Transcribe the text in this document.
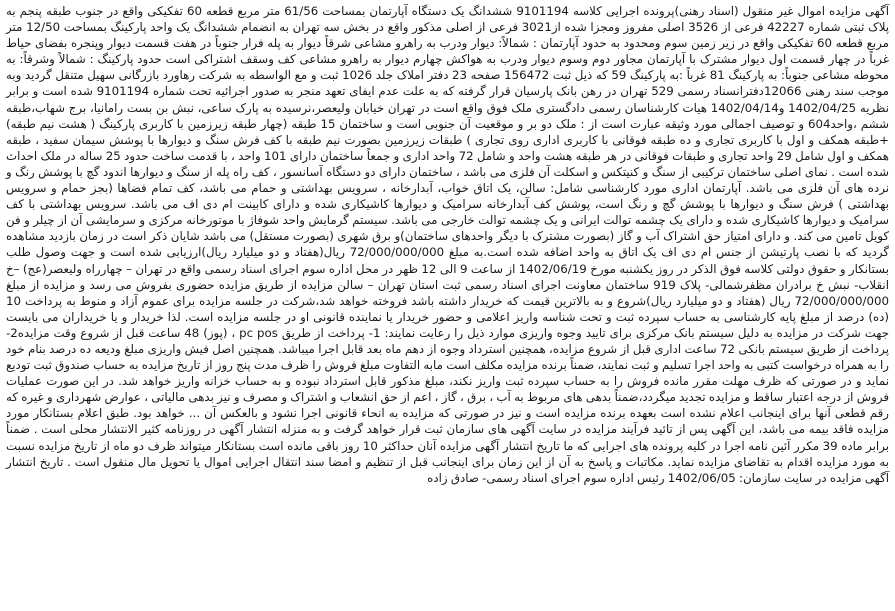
آگهی مزایده اموال غیر منقول (اسناد رهنی)پرونده اجرایی کلاسه 9101194 ششدانگ یک دستگاه آپارتمان بمساحت 61/56 متر مربع قطعه 60 تفکیکی واقع در جنوب طبقه پنجم به پلاک ثبتی شماره 42227 فرعی از 3526 اصلی مفروز ومجزا شده از3021 فرعی از اصلی مذکور واقع در بخش سه تهران به انضمام ششدانگ یک واحد پارکینگ بمساحت 12/50 متر مربع قطعه 60 تفکیکی واقع در زیر زمین سوم ومحدود به حدود آپارتمان : شمالاً: دیوار ودرب به راهرو مشاعی شرقاً دیوار به پله فرار جنوباً در هفت قسمت دیوار وپنجره بفضای حیاط غرباً در چهار قسمت اول دیوار مشترک با آپارتمان مجاور دوم وسوم دیوار ودرب به هواکش چهارم دیوار به راهرو مشاعی کف وسقف اشتراکی است حدود پارکینگ : شمالاً وشرقاً: به محوطه مشاعی جنوباً: به پارکینگ 81 غرباً :به پارکینگ 59 که ذیل ثبت 156472 صفحه 23 دفتر املاک جلد 1026 ثبت و مع الواسطه به شرکت رهاورد بازرگانی سهیل متنقل گردید وبه موجب سند رهنی 12066دفترانسناد رسمی 529 تهران در رهن بانک پارسیان قرار گرفته که به علت عدم ایفای تعهد منجر به صدور اجرائیه تحت شماره 9101194 شده است و برابر نظریه 1402/04/25 و1402/04/14 هیات کارشناسان رسمی دادگستری ملک فوق واقع است در تهران خیابان ولیعصر،نرسیده به پارک ساعی، نبش بن بست رامانیا، برج شهاب،طبقه ششم ،واحد604 و توصیف اجمالی مورد وثیقه عبارت است از : ملک دو بر و موقعیت آن جنوبی است و ساختمان 15 طبقه (چهار طبقه زیرزمین با کاربری پارکینگ ( هشت نیم طبقه) +طبقه همکف و اول با کاربری تجاری و ده طبقه فوقانی با کاربری اداری روی تجاری ) طبقات زیرزمین بصورت نیم طبقه با کف فرش سنگ و دیوارها با پوشش سیمان سفید ، طبقه همکف و اول شامل 29 واحد تجاری و طبقات فوقانی در هر طبقه هشت واحد و شامل 72 واحد اداری و جمعاً ساختمان دارای 101 واحد ، با قدمت ساخت حدود 25 ساله در ملک احداث شده است . نمای اصلی ساختمان ترکیبی از سنگ و کنیتکس و اسکلت آن فلزی می باشد ، ساختمان دارای دو دستگاه آسانسور ، کف راه پله از سنگ و دیوارها اندود گچ با پوشش رنگ و نرده های آن فلزی می باشد. آپارتمان اداری مورد کارشناسی شامل: سالن، یک اتاق خواب، آبدارخانه ، سرویس بهداشتی و حمام می باشد، کف تمام فضاها (بجز حمام و سرویس بهداشتی ) فرش سنگ و دیوارها با پوشش گچ و رنگ است، پوشش کف آبدارخانه سرامیک و دیوارها کاشیکاری شده و دارای کابینت ام دی اف می باشد. سرویس بهداشتی با کف سرامیک و دیوارها کاشیکاری شده و دارای یک چشمه توالت ایرانی و یک چشمه توالت خارجی می باشد. سیستم گرمایش واحد شوفاژ با موتورخانه مرکزی و سرمایشی آن از چیلر و فن کویل تامین می کند. و دارای امتیاز حق اشتراک آب و گاز (بصورت مشترک با دیگر واحدهای ساختمان)و برق شهری (بصورت مستقل) می باشد شایان ذکر است در زمان بازدید مشاهده گردید که با نصب پارتیشن از جنس ام دی اف یک اتاق به واحد اضافه شده است.به مبلغ 72/000/000/000 ریال(هفتاد و دو میلیارد ریال)ارزیابی شده است و جهت وصول طلب بستانکار و حقوق دولتی کلاسه فوق الذکر در روز یکشنبه مورخ 1402/06/19 از ساعت 9 الی 12 ظهر در محل اداره سوم اجرای اسناد رسمی واقع در تهران – چهارراه ولیعصر(عج) –خ انقلاب- نبش خ برادران مظفرشمالی- پلاک 919 ساختمان معاونت اجرای اسناد رسمی ثبت استان تهران – سالن مزایده از طریق مزایده حضوری بفروش می رسد و مزایده از مبلغ 72/000/000/000 ریال (هفتاد و دو میلیارد ریال)شروع و به بالاترین قیمت که خریدار داشته باشد فروخته خواهد شد،شرکت در جلسه مزایده برای عموم آزاد و منوط به پرداخت 10 (ده) درصد از مبلغ پایه کارشناسی به حساب سپرده ثبت و تحت شناسه واریز اعلامی و حضور خریدار یا نماینده قانونی او در جلسه مزایده است. لذا خریدار و یا خریداران می بایست جهت شرکت در مزایده به دلیل سیستم بانک مرکزی برای تایید وجوه واریزی موارد ذیل را رعایت نمایند: 1- پرداخت از طریق pc pos ، (پوز) 48 ساعت قبل از شروع وقت مزایده2- پرداخت از طریق سیستم بانکی 72 ساعت اداری قبل از شروع مزایده، همچنین استرداد وجوه از دهم ماه بعد قابل اجرا میباشد. همچنین اصل فیش واریزی مبلغ ودیعه ده درصد بنام خود را به همراه درخواست کتبی به واحد اجرا تسلیم و ثبت نمایند، ضمناً برنده مزایده مکلف است مابه التفاوت مبلغ فروش را ظرف مدت پنج روز از تاریخ مزایده به حساب صندوق ثبت تودیع نماید و در صورتی که ظرف مهلت مقرر مانده فروش را به حساب سپرده ثبت واریز نکند، مبلغ مذکور قابل استرداد نبوده و به حساب خزانه واریز خواهد شد. در این صورت عملیات فروش از درجه اعتبار ساقط و مزایده تجدید میگردد،ضمناً بدهی های مربوط به آب ، برق ، گاز ، اعم از حق انشعاب و اشتراک و مصرف و نیز بدهی مالیاتی ، عوارض شهرداری و غیره که رقم قطعی آنها برای اینجانب اعلام نشده است بعهده برنده مزایده است و نیز در صورتی که مزایده به انحاء قانونی اجرا نشود و بالعکس آن ... خواهد بود. طبق اعلام بستانکار مورد مزایده فاقد بیمه می باشد، این آگهی پس از تائید فرآیند مزایده در سایت آگهی های سازمان ثبت قرار خواهد گرفت و به منزله انتشار آگهی در روزنامه کثیر الانتشار محلی است . ضمناً برابر ماده 39 مکرر آئین نامه اجرا در کلیه پرونده های اجرایی که ما تاریخ انتشار آگهی مزایده آنان حداکثر 10 روز باقی مانده است بستانکار میتواند ظرف دو ماه از تاریخ مزایده نسبت به مورد مزایده اقدام به تقاضای مزایده نماید. مکاتبات و پاسخ به آن از این زمان برای اینجانب قبل از تنظیم و امضا سند انتقال اجرایی اموال یا تحویل مال منقول است . تاریخ انتشار آگهی مزایده در سایت سازمان: 1402/06/05 رئیس اداره سوم اجرای اسناد رسمی- صادق زاده
